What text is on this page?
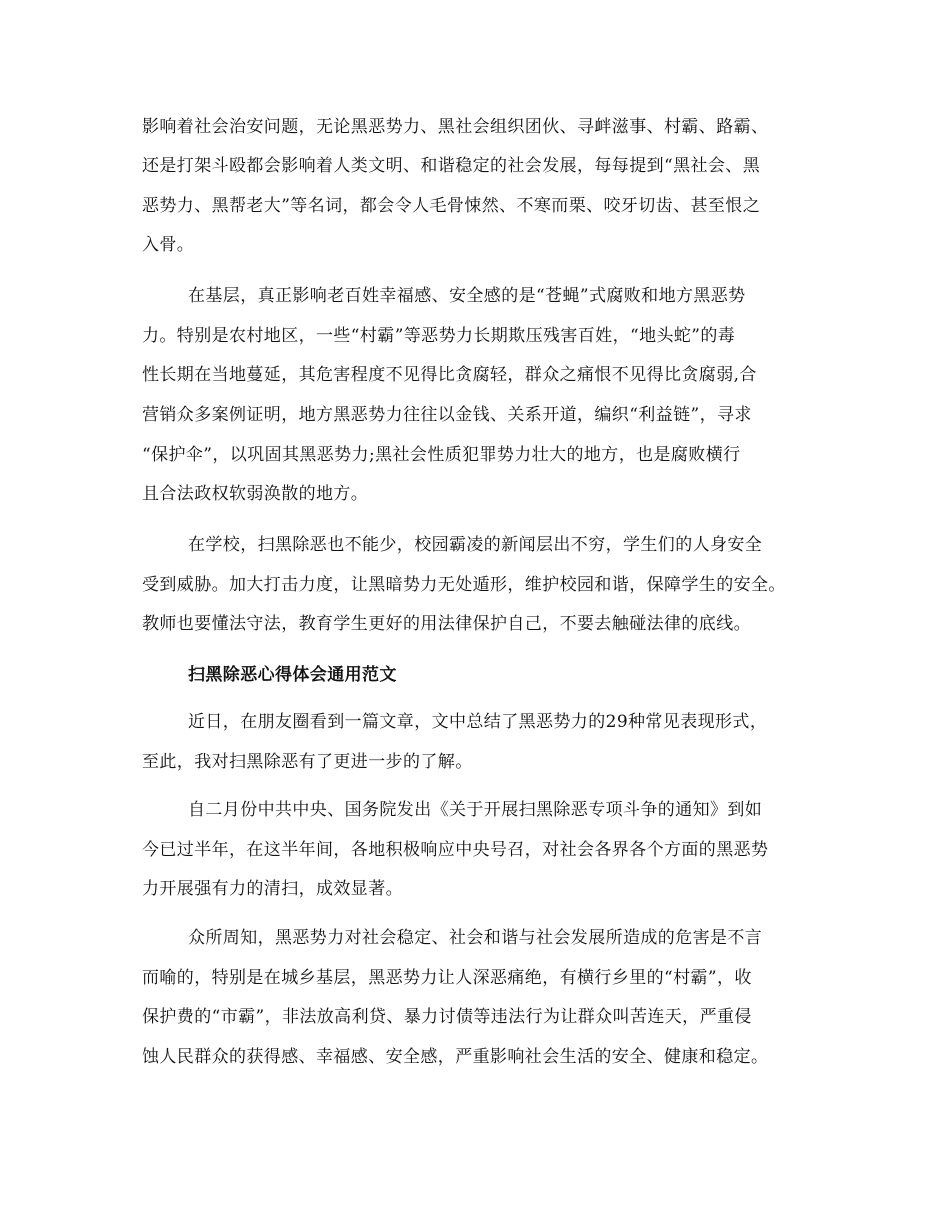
影响着社会治安问题，无论黑恶势力、黑社会组织团伙、寻衅滋事、村霸、路霸、
还是打架斗殴都会影响着人类文明、和谐稳定的社会发展，每每提到“黑社会、黑
恶势力、黑帮老大”等名词，都会令人毛骨悚然、不寒而栗、咬牙切齿、甚至恨之
入骨。
在基层，真正影响老百姓幸福感、安全感的是“苍蝇”式腐败和地方黑恶势
力。特别是农村地区，一些“村霸”等恶势力长期欺压残害百姓，“地头蛇”的毒
性长期在当地蔓延，其危害程度不见得比贪腐轻，群众之痛恨不见得比贪腐弱,合
营销众多案例证明，地方黑恶势力往往以金钱、关系开道，编织“利益链”，寻求
“保护伞”，以巩固其黑恶势力;黑社会性质犯罪势力壮大的地方，也是腐败横行
且合法政权软弱涣散的地方。
在学校，扫黑除恶也不能少，校园霸凌的新闻层出不穷，学生们的人身安全
受到威胁。加大打击力度，让黑暗势力无处遁形，维护校园和谐，保障学生的安全。
教师也要懂法守法，教育学生更好的用法律保护自己，不要去触碰法律的底线。
扫黑除恶心得体会通用范文
近日，在朋友圈看到一篇文章，文中总结了黑恶势力的29种常见表现形式，
至此，我对扫黑除恶有了更进一步的了解。
自二月份中共中央、国务院发出《关于开展扫黑除恶专项斗争的通知》到如
今已过半年，在这半年间，各地积极响应中央号召，对社会各界各个方面的黑恶势
力开展强有力的清扫，成效显著。
众所周知，黑恶势力对社会稳定、社会和谐与社会发展所造成的危害是不言
而喻的，特别是在城乡基层，黑恶势力让人深恶痛绝，有横行乡里的“村霸”，收
保护费的“市霸”，非法放高利贷、暴力讨债等违法行为让群众叫苦连天，严重侵
蚀人民群众的获得感、幸福感、安全感，严重影响社会生活的安全、健康和稳定。
